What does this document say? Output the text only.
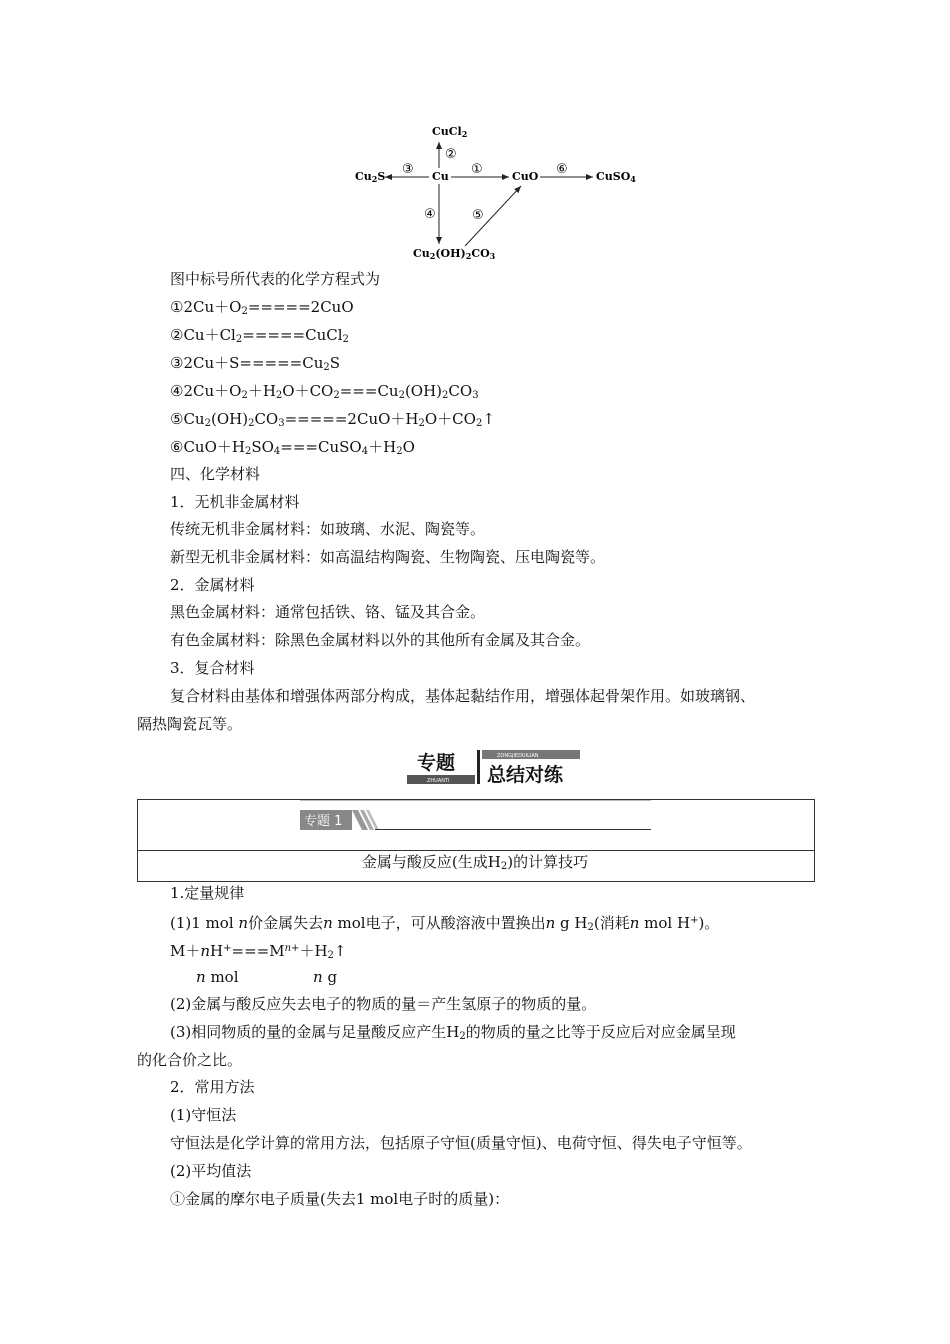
CuCl2
Cu2S	Cu	CuO	CuSO4
Cu2(OH)2CO3
②
③	①	⑥
④	⑤
图中标号所代表的化学方程式为
$①2Cu+O_2=====2CuO$
$②Cu+Cl_2=====CuCl_2$
$③2Cu+S=====Cu_2S$
$④2Cu+O_2+H_2O+CO_2===Cu_2(OH)_2CO_3$
$⑤Cu_2(OH)_2CO_3=====2CuO+H_2O+CO_2↑$
$⑥CuO+H_2SO_4===CuSO_4+H_2O$
四、化学材料
1．无机非金属材料
传统无机非金属材料：如玻璃、水泥、陶瓷等。
新型无机非金属材料：如高温结构陶瓷、生物陶瓷、压电陶瓷等。
2．金属材料
黑色金属材料：通常包括铁、铬、锰及其合金。
有色金属材料：除黑色金属材料以外的其他所有金属及其合金。
3．复合材料
复合材料由基体和增强体两部分构成，基体起黏结作用，增强体起骨架作用。如玻璃钢、
隔热陶瓷瓦等。
专题
ZHUANTI
ZONGJIEDUILIAN
总结对练
专题 1
金属与酸反应(生成$H_2$)的计算技巧
1.定量规律
(1)1 mol n价金属失去n mol电子，可从酸溶液中置换出n g $H_2$(消耗n mol H+)。
$M+nH^+===M^{n+}+H_2↑$
n mol	n g
(2)金属与酸反应失去电子的物质的量＝产生氢原子的物质的量。
(3)相同物质的量的金属与足量酸反应产生$H_2$的物质的量之比等于反应后对应金属呈现
的化合价之比。
2．常用方法
(1)守恒法
守恒法是化学计算的常用方法，包括原子守恒(质量守恒)、电荷守恒、得失电子守恒等。
(2)平均值法
①金属的摩尔电子质量(失去1 mol电子时的质量)：
